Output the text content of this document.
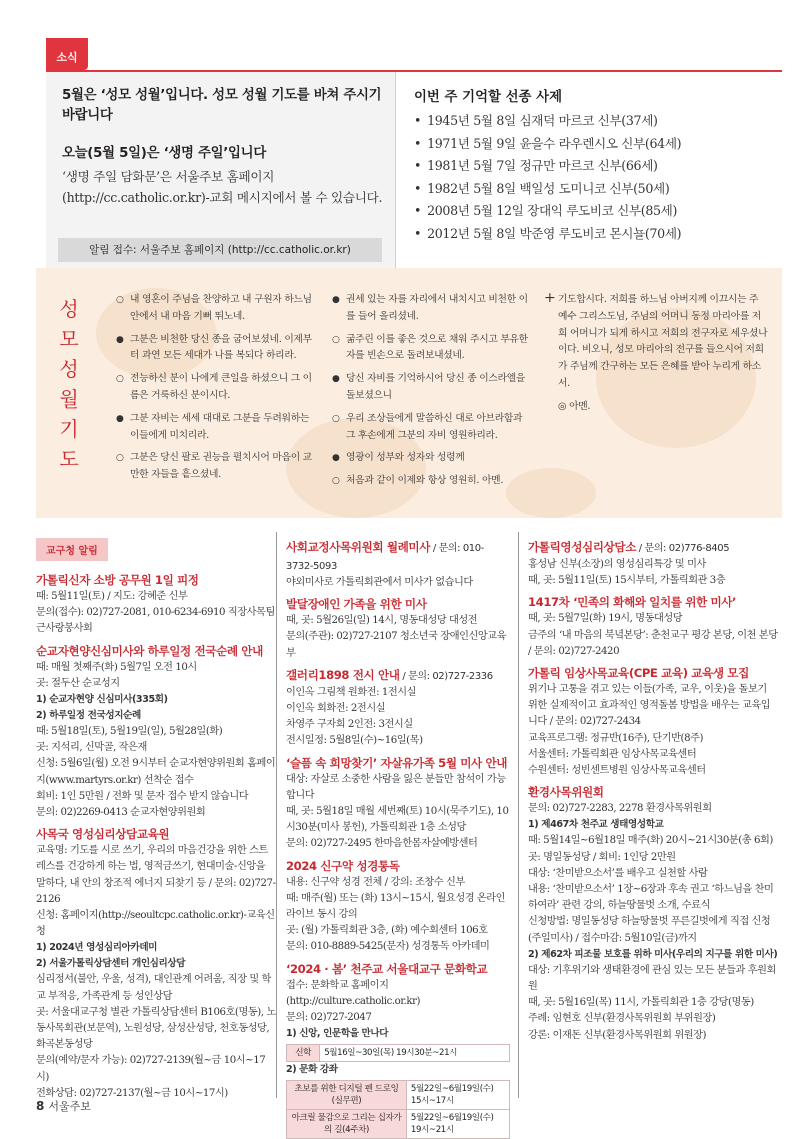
소식
5월은 ‘성모 성월’입니다. 성모 성월 기도를 바쳐 주시기 바랍니다
오늘(5월 5일)은 ‘생명 주일’입니다
‘생명 주일 담화문’은 서울주보 홈페이지(http://cc.catholic.or.kr)-교회 메시지에서 볼 수 있습니다.
알림 접수: 서울주보 홈페이지 (http://cc.catholic.or.kr)
이번 주 기억할 선종 사제
• 1945년 5월 8일 심재덕 마르코 신부(37세)
• 1971년 5월 9일 윤을수 라우렌시오 신부(64세)
• 1981년 5월 7일 정규만 마르코 신부(66세)
• 1982년 5월 8일 백일성 도미니코 신부(50세)
• 2008년 5월 12일 장대익 루도비코 신부(85세)
• 2012년 5월 8일 박준영 루도비코 몬시뇰(70세)
성
모
성
월
기
도
○ 내 영혼이 주님을 찬양하고 내 구원자 하느님 안에서 내 마음 기뻐 뛰노네.
● 그분은 비천한 당신 종을 굽어보셨네. 이제부터 과연 모든 세대가 나를 복되다 하리라.
○ 전능하신 분이 나에게 큰일을 하셨으니 그 이름은 거룩하신 분이시다.
● 그분 자비는 세세 대대로 그분을 두려워하는 이들에게 미치리라.
○ 그분은 당신 팔로 권능을 펼치시어 마음이 교만한 자들을 흩으셨네.
● 권세 있는 자를 자리에서 내치시고 비천한 이를 들어 올리셨네.
○ 굶주린 이를 좋은 것으로 채워 주시고 부유한 자를 빈손으로 돌려보내셨네.
● 당신 자비를 기억하시어 당신 종 이스라엘을 돌보셨으니
○ 우리 조상들에게 말씀하신 대로 아브라함과 그 후손에게 그분의 자비 영원하리라.
● 영광이 성부와 성자와 성령께
○ 처음과 같이 이제와 항상 영원히. 아멘.
+ 기도합시다. 저희를 하느님 아버지께 이끄시는 주 예수 그리스도님, 주님의 어머니 동정 마리아를 저희 어머니가 되게 하시고 저희의 전구자로 세우셨나이다. 비오니, 성모 마리아의 전구를 들으시어 저희가 주님께 간구하는 모든 은혜를 받아 누리게 하소서.
◎ 아멘.
교구청 알림
가톨릭신자 소방 공무원 1일 피정
때: 5월11일(토) / 지도: 강혜준 신부
문의(접수): 02)727-2081, 010-6234-6910 직장사목팀 근사랑봉사회
순교자현양신심미사와 하루일정 전국순례 안내
때: 매월 첫째주(화) 5월7일 오전 10시
곳: 절두산 순교성지
1) 순교자현양 신심미사(335회)
2) 하루일정 전국성지순례
때: 5월18일(토), 5월19일(일), 5월28일(화)
곳: 지석리, 신막골, 작은재
신청: 5월6일(월) 오전 9시부터 순교자현양위원회 홈페이지(www.martyrs.or.kr) 선착순 접수
회비: 1인 5만원 / 전화 및 문자 접수 받지 않습니다
문의: 02)2269-0413 순교자현양위원회
사목국 영성심리상담교육원
교육명: 기도를 시로 쓰기, 우리의 마음건강을 위한 스트레스를 건강하게 하는 법, 영적금쓰기, 현대미술-신앙을 말하다, 내 안의 창조적 에너지 되찾기 등 / 문의: 02)727-2126
신청: 홈페이지(http://seoultcpc.catholic.or.kr)-교육신청
1) 2024년 영성심리아카데미
2) 서울가톨릭상담센터 개인심리상담
심리정서(불안, 우울, 성격), 대인관계 어려움, 직장 및 학교 부적응, 가족관계 등 성인상담
곳: 서울대교구청 별관 가톨릭상담센터 B106호(명동), 노동사목회관(보문역), 노원성당, 삼성산성당, 천호동성당, 화곡본동성당
문의(예약/문자 가능): 02)727-2139(월~금 10시~17시)
전화상담: 02)727-2137(월~금 10시~17시)
사회교정사목위원회 월례미사 / 문의: 010-3732-5093
야외미사로 가톨릭회관에서 미사가 없습니다
발달장애인 가족을 위한 미사
때, 곳: 5월26일(일) 14시, 명동대성당 대성전
문의(주관): 02)727-2107 청소년국 장애인신앙교육부
갤러리1898 전시 안내 / 문의: 02)727-2336
이인옥 그림책 원화전: 1전시실
이인옥 회화전: 2전시실
차영주 구자희 2인전: 3전시실
전시일정: 5월8일(수)~16일(목)
‘슬픔 속 희망찾기’ 자살유가족 5월 미사 안내
대상: 자살로 소중한 사람을 잃은 분들만 참석이 가능합니다
때, 곳: 5월18일 매월 세번째(토) 10시(묵주기도), 10시30분(미사 봉헌), 가톨릭회관 1층 소성당
문의: 02)727-2495 한마음한몸자살예방센터
2024 신구약 성경통독
내용: 신구약 성경 전체 / 강의: 조창수 신부
때: 매주(월) 또는 (화) 13시~15시, 월요성경 온라인 라이브 동시 강의
곳: (월) 가톨릭회관 3층, (화) 예수회센터 106호
문의: 010-8889-5425(문자) 성경통독 아카데미
‘2024 · 봄’ 천주교 서울대교구 문화학교
접수: 문화학교 홈페이지(http://culture.catholic.or.kr)
문의: 02)727-2047
1) 신앙, 인문학을 만나다
신학	5월16일~30일(목) 19시30분~21시
2) 문화 강좌
초보를 위한 디지털 펜 드로잉(실무편)	5월22일~6월19일(수) 15시~17시
아크릴 물감으로 그리는 십자가의 길(4주차)	5월22일~6월19일(수) 19시~21시
가톨릭영성심리상담소 / 문의: 02)776-8405
홍성남 신부(소장)의 영성심리특강 및 미사
때, 곳: 5월11일(토) 15시부터, 가톨릭회관 3층
1417차 ‘민족의 화해와 일치를 위한 미사’
때, 곳: 5월7일(화) 19시, 명동대성당
금주의 ‘내 마음의 북녘본당’: 춘천교구 평강 본당, 이천 본당 / 문의: 02)727-2420
가톨릭 임상사목교육(CPE 교육) 교육생 모집
위기나 고통을 겪고 있는 이들(가족, 교우, 이웃)을 돌보기 위한 실제적이고 효과적인 영적돌봄 방법을 배우는 교육입니다 / 문의: 02)727-2434
교육프로그램: 정규반(16주), 단기반(8주)
서울센터: 가톨릭회관 임상사목교육센터
수원센터: 성빈센트병원 임상사목교육센터
환경사목위원회
문의: 02)727-2283, 2278 환경사목위원회
1) 제467차 천주교 생태영성학교
때: 5월14일~6월18일 매주(화) 20시~21시30분(총 6회)
곳: 명일동성당 / 회비: 1인당 2만원
대상: ‘찬미받으소서’를 배우고 실천할 사람
내용: ‘찬미받으소서’ 1장~6장과 후속 권고 ‘하느님을 찬미하여라’ 관련 강의, 하늘땅물벗 소개, 수료식
신청방법: 명일동성당 하늘땅물벗 푸른길벗에게 직접 신청(주일미사) / 접수마감: 5월10일(금)까지
2) 제62차 피조물 보호를 위하 미사(우리의 지구를 위한 미사)
대상: 기후위기와 생태환경에 관심 있는 모든 분들과 후원회원
때, 곳: 5월16일(목) 11시, 가톨릭회관 1층 강당(명동)
주례: 임현호 신부(환경사목위원회 부위원장)
강론: 이재돈 신부(환경사목위원회 위원장)
8 서울주보
